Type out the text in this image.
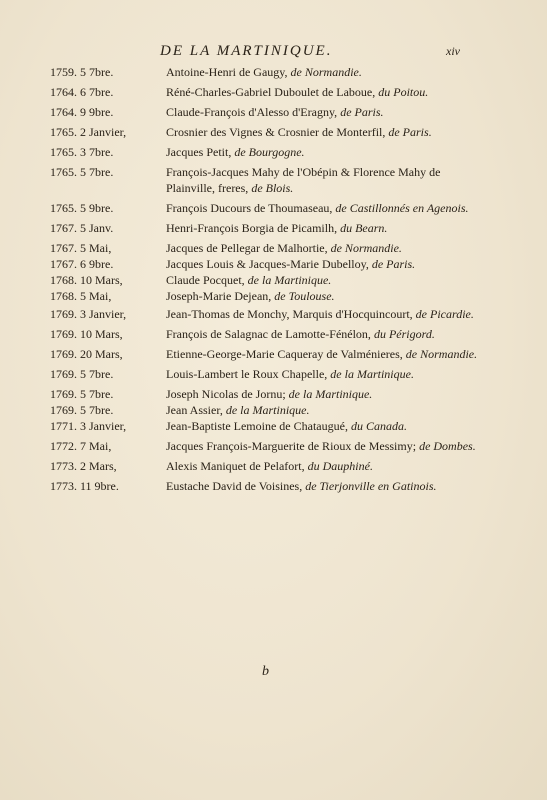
DE LA MARTINIQUE.	xiv
1759. 5 7bre.	Antoine-Henri de Gaugy, de Normandie.
1764. 6 7bre.	Réné-Charles-Gabriel Duboulet de Laboue, du Poitou.
1764. 9 9bre.	Claude-François d'Alesso d'Eragny, de Paris.
1765. 2 Janvier,	Crosnier des Vignes & Crosnier de Monterfil, de Paris.
1765. 3 7bre.	Jacques Petit, de Bourgogne.
1765. 5 7bre.	François-Jacques Mahy de l'Obépin & Florence Mahy de Plainville, freres, de Blois.
1765. 5 9bre.	François Ducours de Thoumasеau, de Castillonnés en Agenois.
1767. 5 Janv.	Henri-François Borgia de Picamilh, du Bearn.
1767. 5 Mai,	Jacques de Pellegar de Malhortie, de Normandie.
1767. 6 9bre.	Jacques Louis & Jacques-Marie Dubelloy, de Paris.
1768. 10 Mars,	Claude Pocquet, de la Martinique.
1768. 5 Mai,	Joseph-Marie Dejean, de Toulouse.
1769. 3 Janvier,	Jean-Thomas de Monchy, Marquis d'Hocquincourt, de Picardie.
1769. 10 Mars,	François de Salagnac de Lamotte-Fénélon, du Périgord.
1769. 20 Mars,	Etienne-George-Marie Caqueray de Valménieres, de Normandie.
1769. 5 7bre.	Louis-Lambert le Roux Chapelle, de la Martinique.
1769. 5 7bre.	Joseph Nicolas de Jornu; de la Martinique.
1769. 5 7bre.	Jean Assier, de la Martinique.
1771. 3 Janvier,	Jean-Baptiste Lemoine de Chataugué, du Canada.
1772. 7 Mai,	Jacques François-Marguerite de Rioux de Messimy; de Dombes.
1773. 2 Mars,	Alexis Maniquet de Pelafort, du Dauphiné.
1773. 11 9bre.	Eustache David de Voisines, de Tierjonville en Gatinois.
b
